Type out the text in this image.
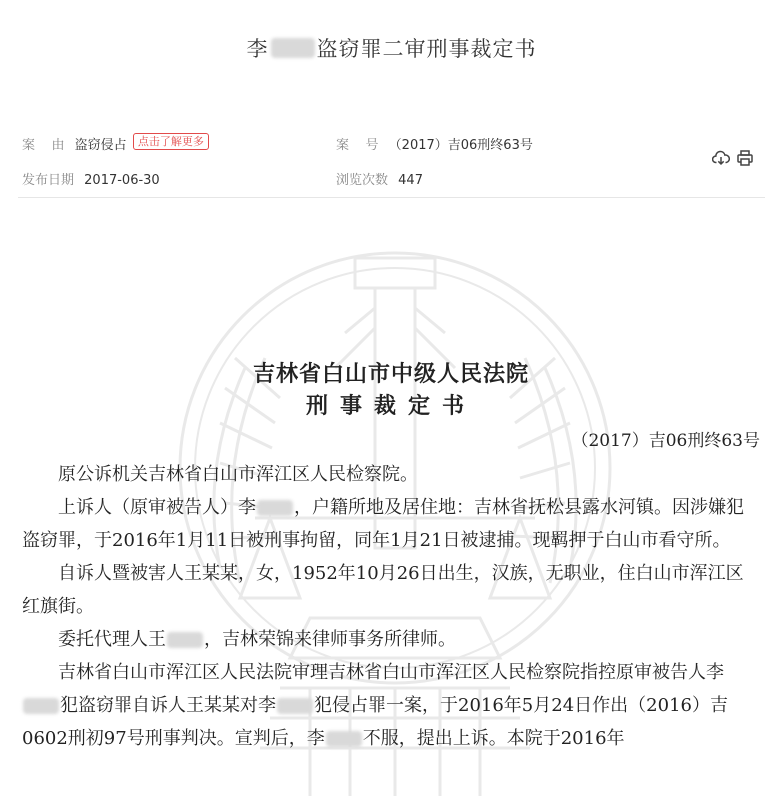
李 盗窃罪二审刑事裁定书
案    由 盗窃侵占 点击了解更多	案    号 （2017）吉06刑终63号
发布日期 2017-06-30	浏览次数 447
吉林省白山市中级人民法院
刑事裁定书
（2017）吉06刑终63号

原公诉机关吉林省白山市浑江区人民检察院。

上诉人（原审被告人）李 ，户籍所地及居住地：吉林省抚松县露水河镇。因涉嫌犯盗窃罪，于2016年1月11日被刑事拘留，同年1月21日被逮捕。现羁押于白山市看守所。

自诉人暨被害人王某某，女，1952年10月26日出生，汉族，无职业，住白山市浑江区红旗街。

委托代理人王 ，吉林荣锦来律师事务所律师。

吉林省白山市浑江区人民法院审理吉林省白山市浑江区人民检察院指控原审被告人李犯盗窃罪自诉人王某某对李 犯侵占罪一案，于2016年5月24日作出（2016）吉0602刑初97号刑事判决。宣判后，李 不服，提出上诉。本院于2016年
